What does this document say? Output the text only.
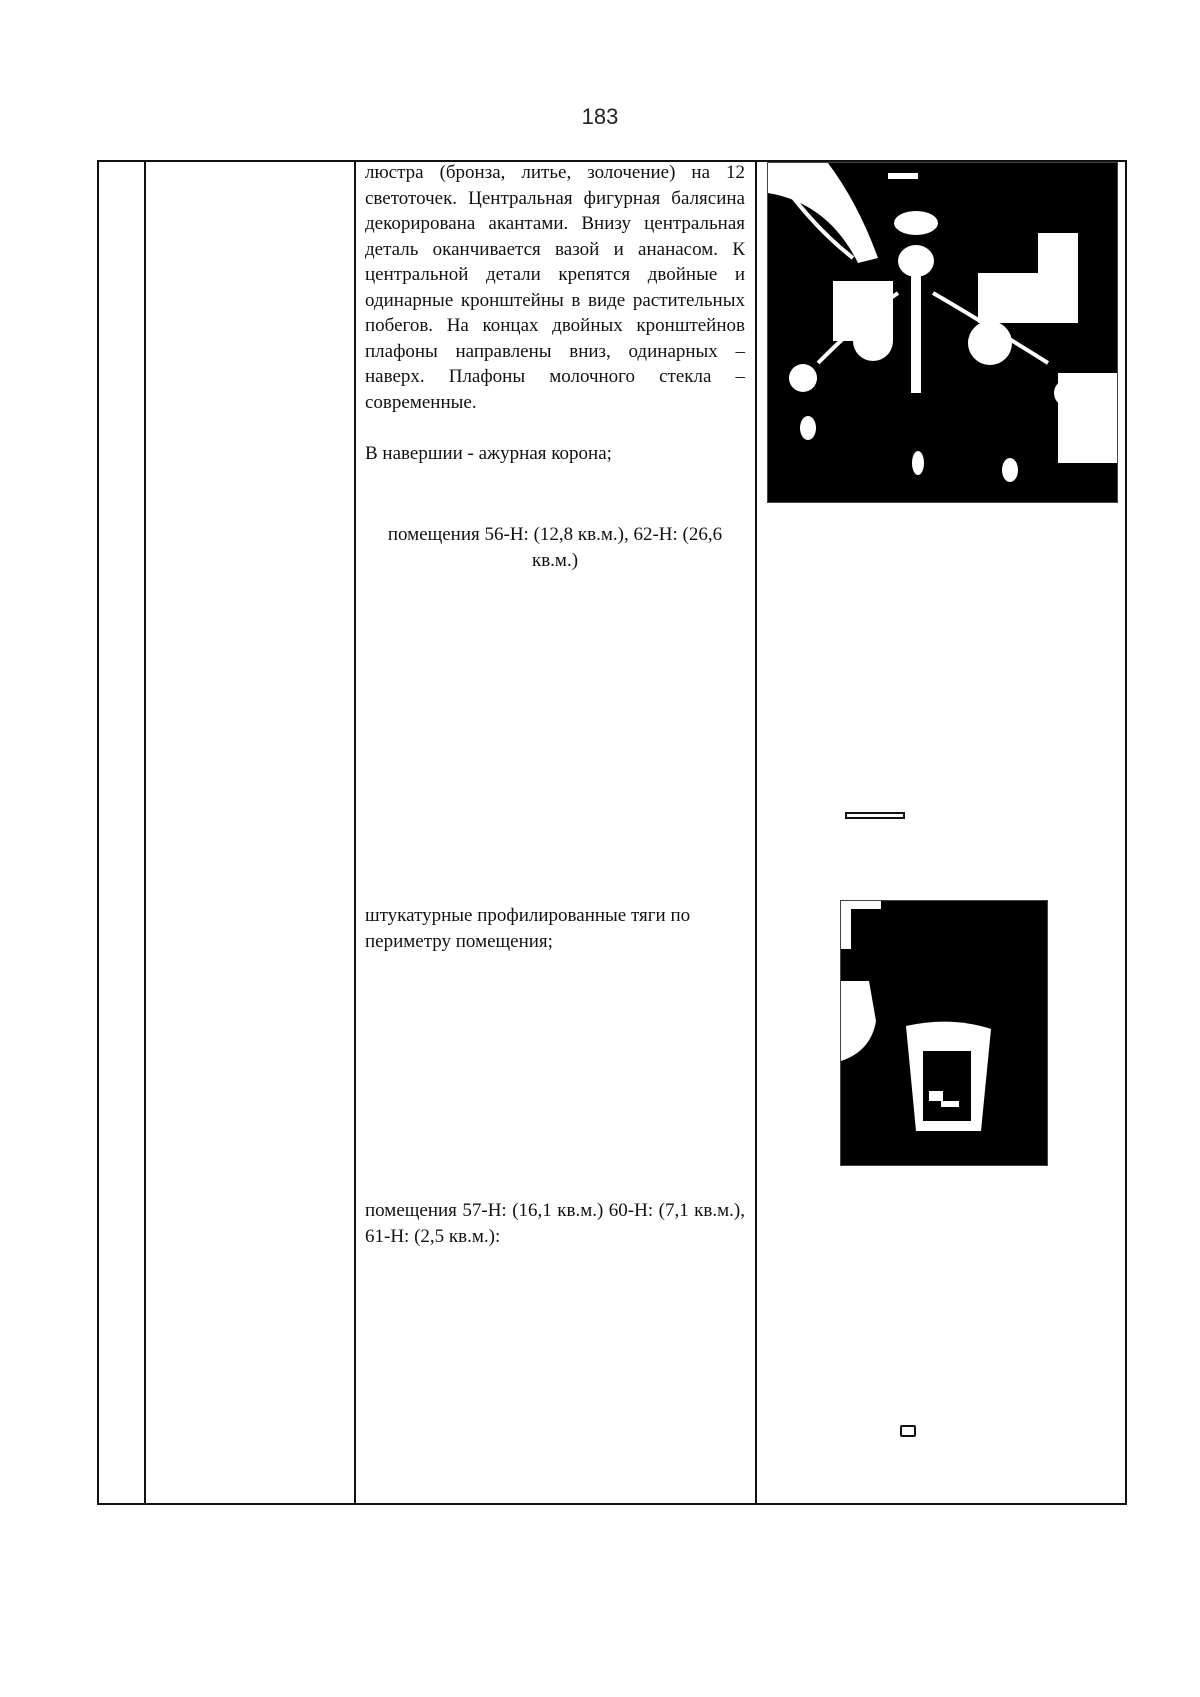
183
люстра (бронза, литье, золочение) на 12 светоточек. Центральная фигурная балясина декорирована акантами. Внизу центральная деталь оканчивается вазой и ананасом. К центральной детали крепятся двойные и одинарные кронштейны в виде растительных побегов. На концах двойных кронштейнов плафоны направлены вниз, одинарных – наверх. Плафоны молочного стекла – современные.
В навершии - ажурная корона;
помещения 56-Н: (12,8 кв.м.), 62-Н: (26,6 кв.м.)
штукатурные профилированные тяги по периметру помещения;
помещения 57-Н: (16,1 кв.м.) 60-Н: (7,1 кв.м.), 61-Н: (2,5 кв.м.):
